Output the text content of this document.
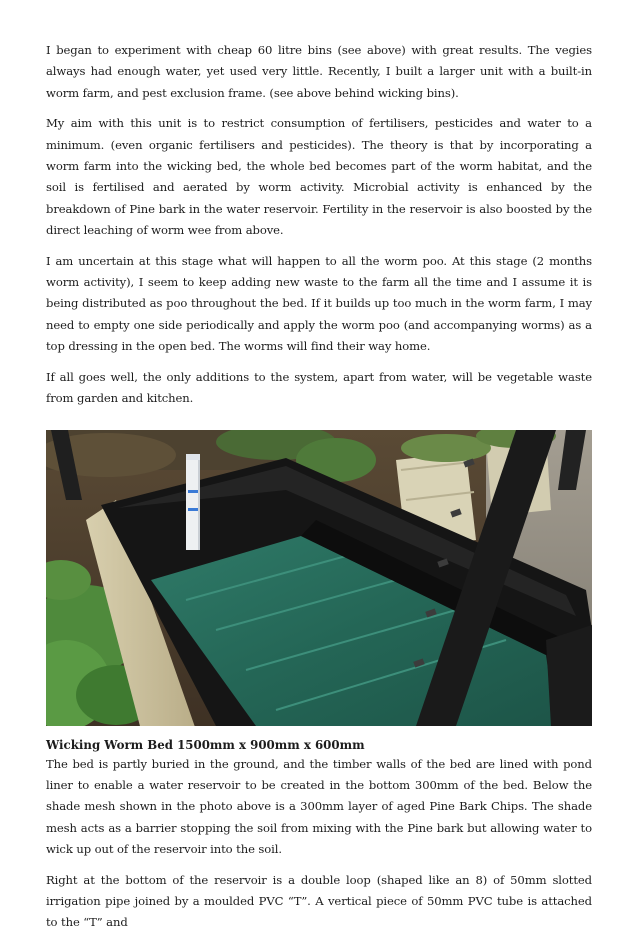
I began to experiment with cheap 60 litre bins (see above) with great results. The vegies always had enough water, yet used very little. Recently, I built a larger unit with a built-in worm farm, and pest exclusion frame. (see above behind wicking bins).

My aim with this unit is to restrict consumption of fertilisers, pesticides and water to a minimum. (even organic fertilisers and pesticides). The theory is that by incorporating a worm farm into the wicking bed, the whole bed becomes part of the worm habitat, and the soil is fertilised and aerated by worm activity. Microbial activity is enhanced by the breakdown of Pine bark in the water reservoir. Fertility in the reservoir is also boosted by the direct leaching of worm wee from above.

I am uncertain at this stage what will happen to all the worm poo. At this stage (2 months worm activity), I seem to keep adding new waste to the farm all the time and I assume it is being distributed as poo throughout the bed. If it builds up too much in the worm farm, I may need to empty one side periodically and apply the worm poo (and accompanying worms) as a top dressing in the open bed. The worms will find their way home.

If all goes well, the only additions to the system, apart from water, will be vegetable waste from garden and kitchen.

Wicking Worm Bed 1500mm x 900mm x 600mm

The bed is partly buried in the ground, and the timber walls of the bed are lined with pond liner to enable a water reservoir to be created in the bottom 300mm of the bed. Below the shade mesh shown in the photo above is a 300mm layer of aged Pine Bark Chips. The shade mesh acts as a barrier stopping the soil from mixing with the Pine bark but allowing water to wick up out of the reservoir into the soil.

Right at the bottom of the reservoir is a double loop (shaped like an 8) of 50mm slotted irrigation pipe joined by a moulded PVC “T”. A vertical piece of 50mm PVC tube is attached to the “T” and
